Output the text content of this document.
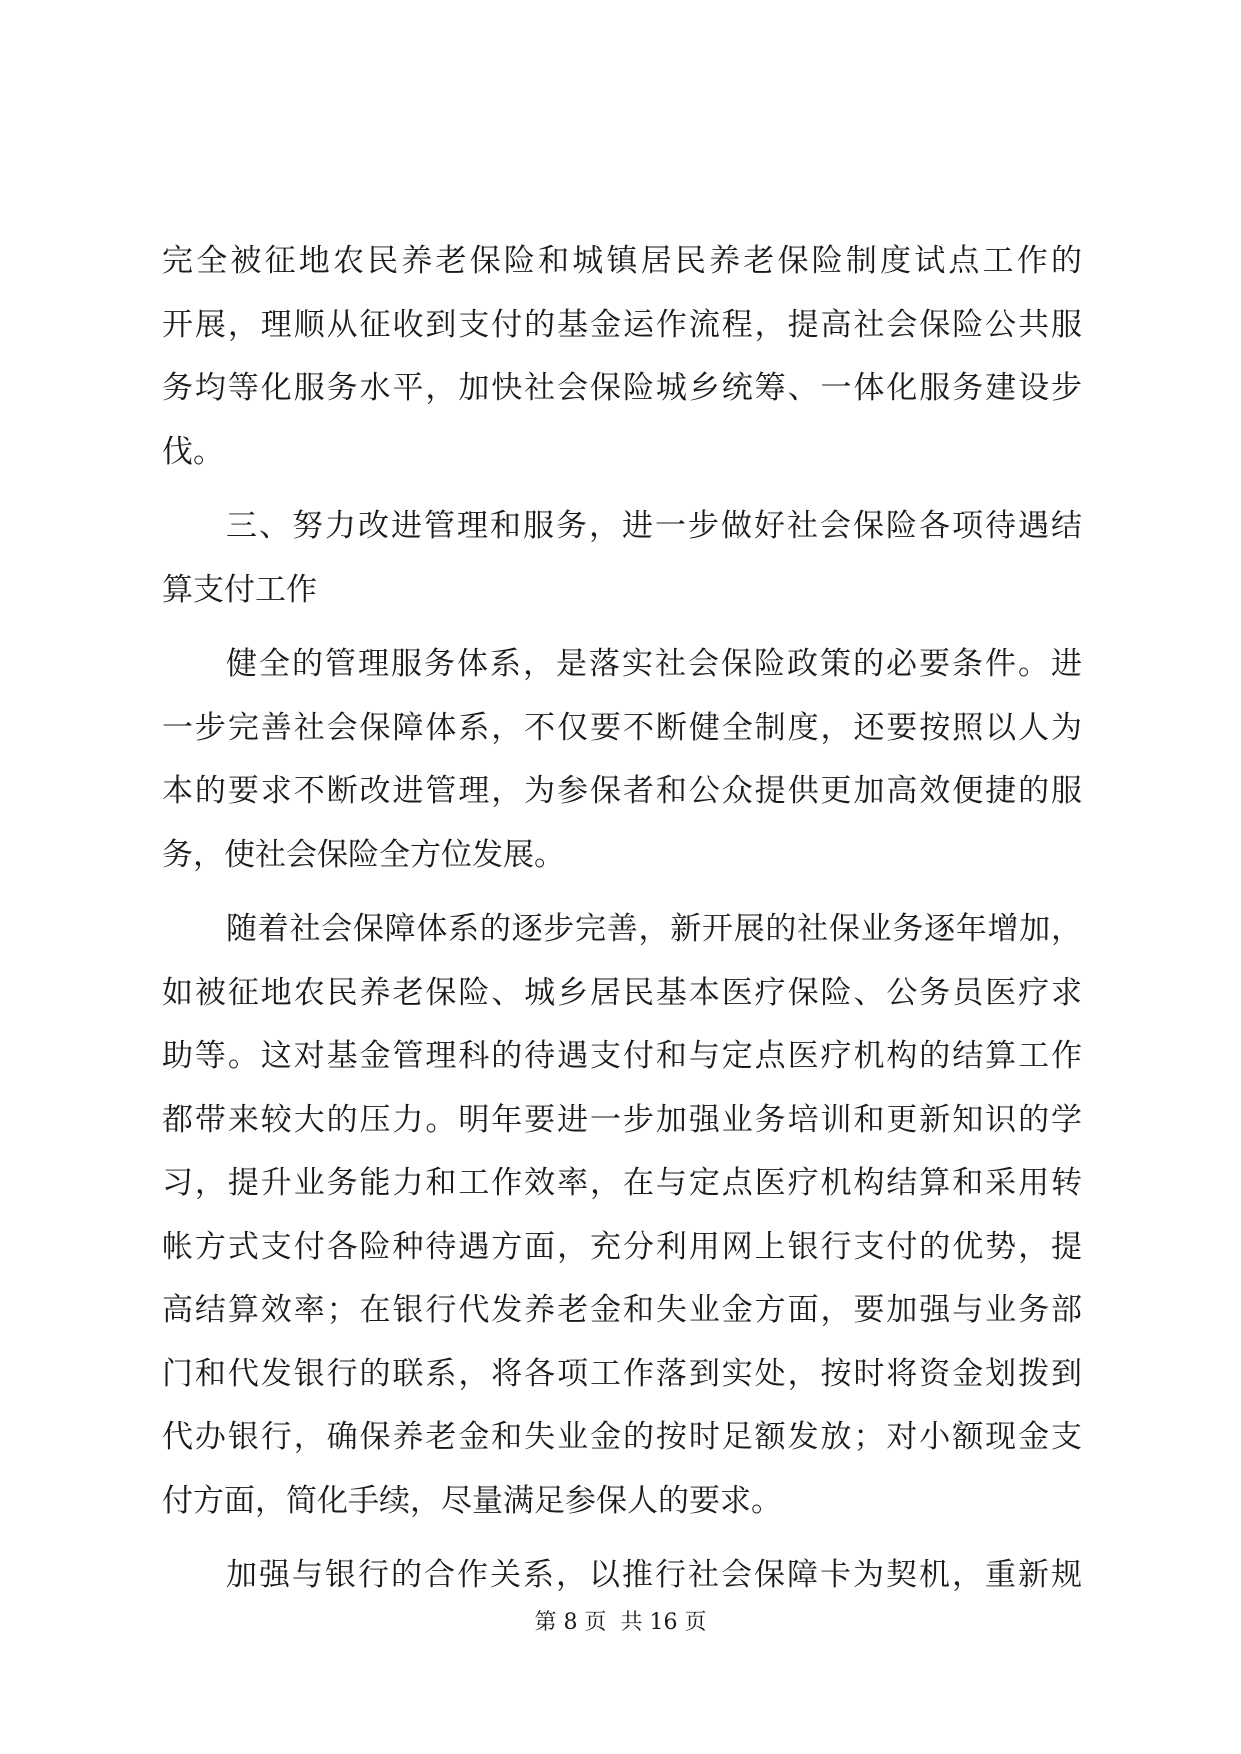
完全被征地农民养老保险和城镇居民养老保险制度试点工作的
开展，理顺从征收到支付的基金运作流程，提高社会保险公共服
务均等化服务水平，加快社会保险城乡统筹、一体化服务建设步
伐。
三、努力改进管理和服务，进一步做好社会保险各项待遇结
算支付工作
健全的管理服务体系，是落实社会保险政策的必要条件。进
一步完善社会保障体系，不仅要不断健全制度，还要按照以人为
本的要求不断改进管理，为参保者和公众提供更加高效便捷的服
务，使社会保险全方位发展。
随着社会保障体系的逐步完善，新开展的社保业务逐年增加，
如被征地农民养老保险、城乡居民基本医疗保险、公务员医疗求
助等。这对基金管理科的待遇支付和与定点医疗机构的结算工作
都带来较大的压力。明年要进一步加强业务培训和更新知识的学
习，提升业务能力和工作效率，在与定点医疗机构结算和采用转
帐方式支付各险种待遇方面，充分利用网上银行支付的优势，提
高结算效率；在银行代发养老金和失业金方面，要加强与业务部
门和代发银行的联系，将各项工作落到实处，按时将资金划拨到
代办银行，确保养老金和失业金的按时足额发放；对小额现金支
付方面，简化手续，尽量满足参保人的要求。
加强与银行的合作关系，以推行社会保障卡为契机，重新规
第 8 页  共 16 页
